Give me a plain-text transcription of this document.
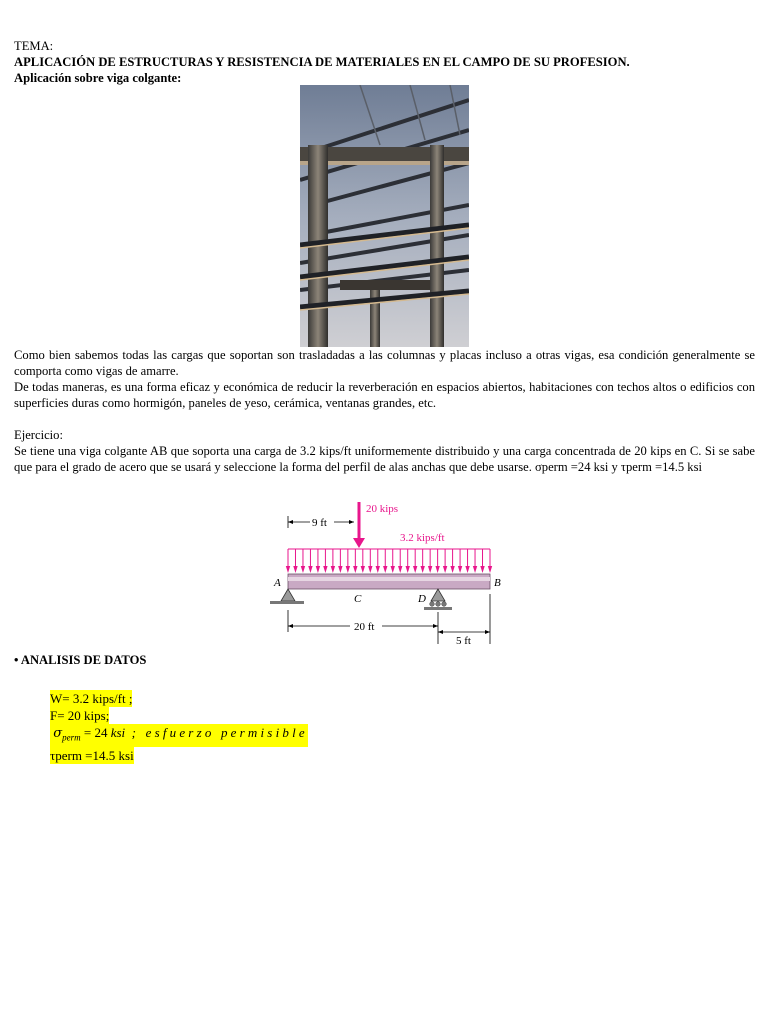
TEMA:
APLICACIÓN DE ESTRUCTURAS Y RESISTENCIA DE MATERIALES EN EL CAMPO DE SU PROFESION.
Aplicación sobre viga colgante:
Como bien sabemos todas las cargas que soportan son trasladadas a las columnas y placas incluso a otras vigas, esa condición generalmente se comporta como vigas de amarre.
De todas maneras, es una forma eficaz y económica de reducir la reverberación en espacios abiertos, habitaciones con techos altos o edificios con superficies duras como hormigón, paneles de yeso, cerámica, ventanas grandes, etc.
Ejercicio:
Se tiene una viga colgante AB que soporta una carga de 3.2 kips/ft uniformemente distribuido y una carga concentrada de 20 kips en C. Si se sabe que para el grado de acero que se usará y seleccione la forma del perfil de alas anchas que debe usarse. σperm =24 ksi y τperm =14.5 ksi
9 ft
20 kips
3.2 kips/ft
A	B
C	D
20 ft
5 ft
• ANALISIS DE DATOS
W= 3.2 kips/ft ;
F= 20 kips;
$\sigma_{perm} = 24$ ksi ; esfuerzo permisible
τperm =14.5 ksi
